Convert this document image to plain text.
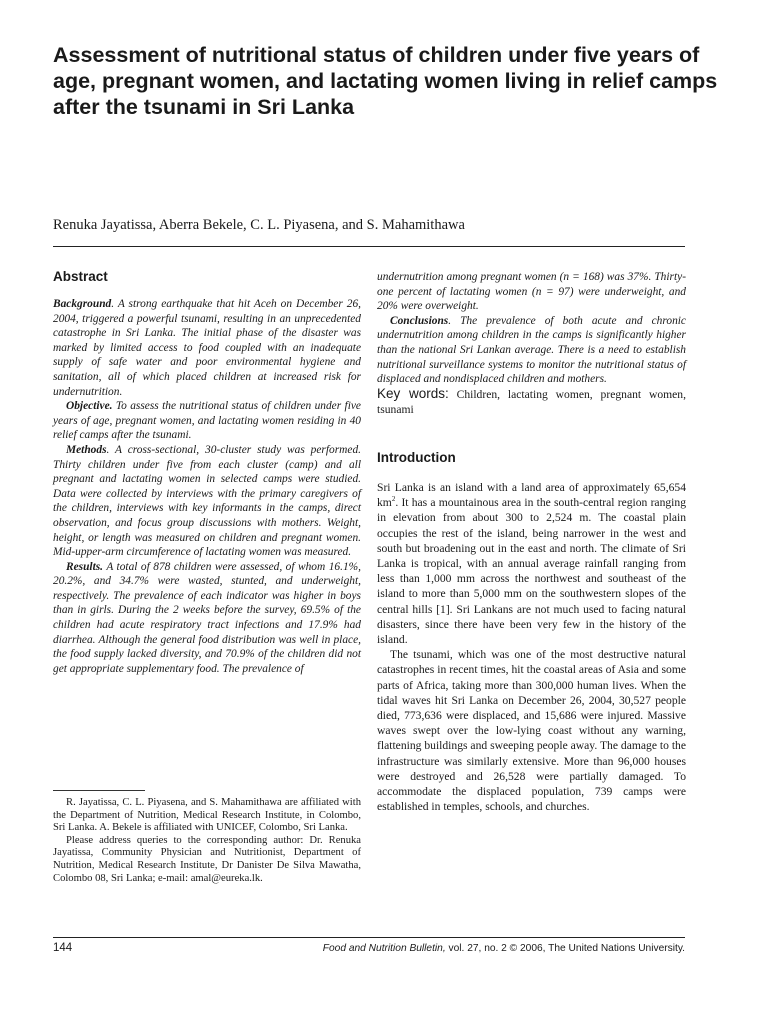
Assessment of nutritional status of children under five years of age, pregnant women, and lactating women living in relief camps after the tsunami in Sri Lanka
Renuka Jayatissa, Aberra Bekele, C. L. Piyasena, and S. Mahamithawa
Abstract

Background. A strong earthquake that hit Aceh on December 26, 2004, triggered a powerful tsunami, resulting in an unprecedented catastrophe in Sri Lanka. The initial phase of the disaster was marked by limited access to food coupled with an inadequate supply of safe water and poor environmental hygiene and sanitation, all of which placed children at increased risk for undernutrition.

Objective. To assess the nutritional status of children under five years of age, pregnant women, and lactating women residing in 40 relief camps after the tsunami.

Methods. A cross-sectional, 30-cluster study was performed. Thirty children under five from each cluster (camp) and all pregnant and lactating women in selected camps were studied. Data were collected by interviews with the primary caregivers of the children, interviews with key informants in the camps, direct observation, and focus group discussions with mothers. Weight, height, or length was measured on children and pregnant women. Mid-upper-arm circumference of lactating women was measured.

Results. A total of 878 children were assessed, of whom 16.1%, 20.2%, and 34.7% were wasted, stunted, and underweight, respectively. The prevalence of each indicator was higher in boys than in girls. During the 2 weeks before the survey, 69.5% of the children had acute respiratory tract infections and 17.9% had diarrhea. Although the general food distribution was well in place, the food supply lacked diversity, and 70.9% of the children did not get appropriate supplementary food. The prevalence of

R. Jayatissa, C. L. Piyasena, and S. Mahamithawa are affiliated with the Department of Nutrition, Medical Research Institute, in Colombo, Sri Lanka. A. Bekele is affiliated with UNICEF, Colombo, Sri Lanka.

Please address queries to the corresponding author: Dr. Renuka Jayatissa, Community Physician and Nutritionist, Department of Nutrition, Medical Research Institute, Dr Danister De Silva Mawatha, Colombo 08, Sri Lanka; e-mail: amal@eureka.lk.

undernutrition among pregnant women (n = 168) was 37%. Thirty-one percent of lactating women (n = 97) were underweight, and 20% were overweight.

Conclusions. The prevalence of both acute and chronic undernutrition among children in the camps is significantly higher than the national Sri Lankan average. There is a need to establish nutritional surveillance systems to monitor the nutritional status of displaced and nondisplaced children and mothers.

Key words: Children, lactating women, pregnant women, tsunami

Introduction

Sri Lanka is an island with a land area of approximately 65,654 $km^2$. It has a mountainous area in the south-central region ranging in elevation from about 300 to 2,524 m. The coastal plain occupies the rest of the island, being narrower in the west and south but broadening out in the east and north. The climate of Sri Lanka is tropical, with an annual average rainfall ranging from less than 1,000 mm across the northwest and southeast of the island to more than 5,000 mm on the southwestern slopes of the central hills [1]. Sri Lankans are not much used to facing natural disasters, since there have been very few in the history of the island.

The tsunami, which was one of the most destructive natural catastrophes in recent times, hit the coastal areas of Asia and some parts of Africa, taking more than 300,000 human lives. When the tidal waves hit Sri Lanka on December 26, 2004, 30,527 people died, 773,636 were displaced, and 15,686 were injured. Massive waves swept over the low-lying coast without any warning, flattening buildings and sweeping people away. The damage to the infrastructure was similarly extensive. More than 96,000 houses were destroyed and 26,528 were partially damaged. To accommodate the displaced population, 739 camps were established in temples, schools, and churches.

144	Food and Nutrition Bulletin, vol. 27, no. 2 © 2006, The United Nations University.
